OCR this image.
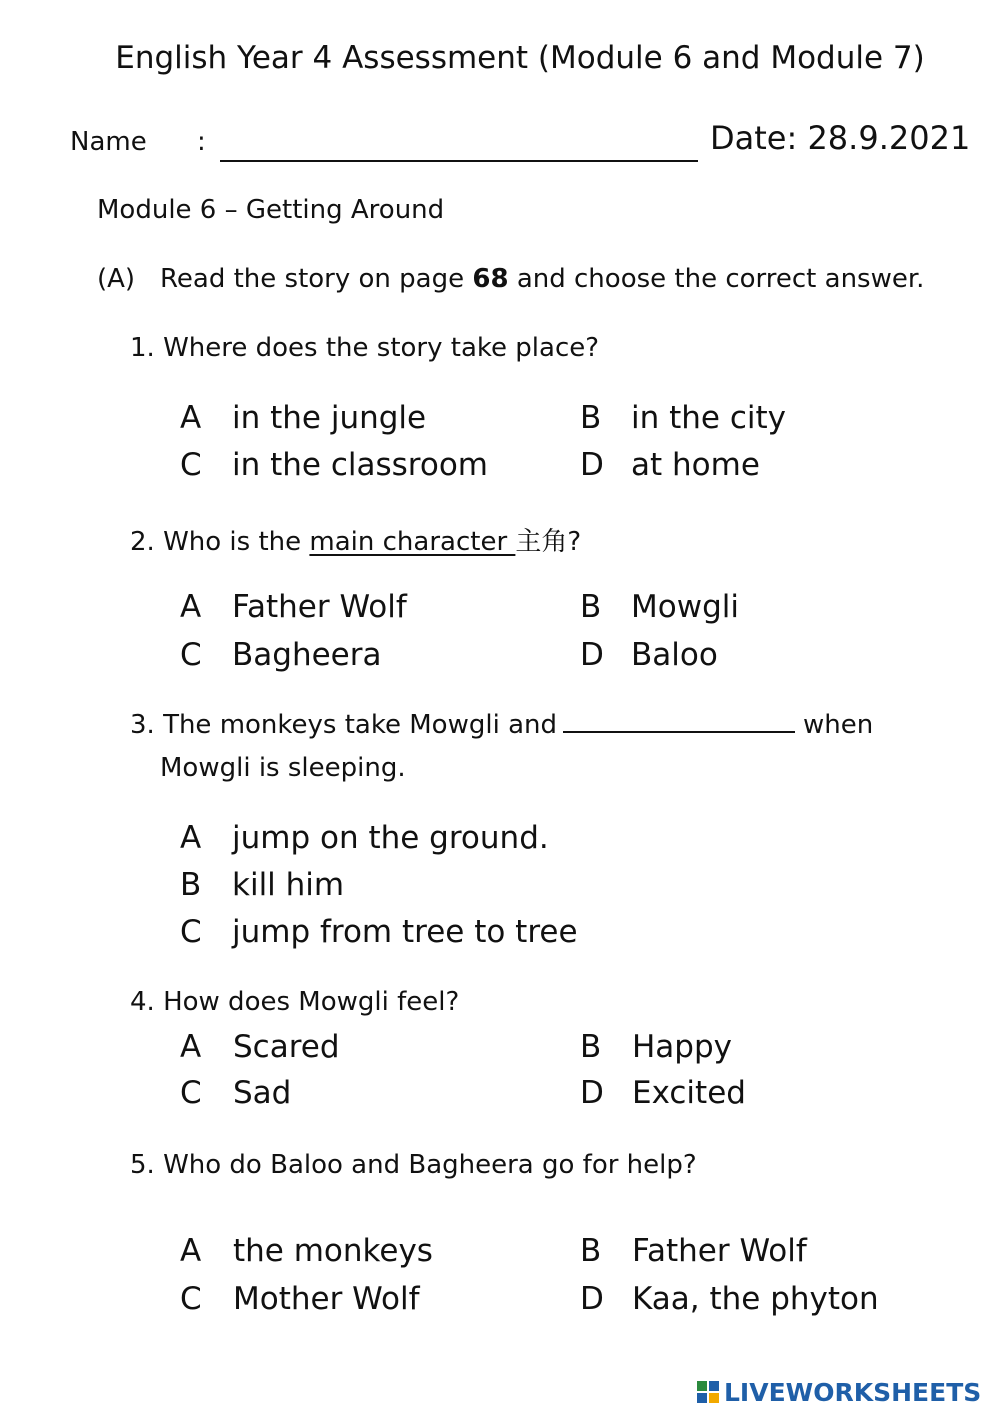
English Year 4 Assessment (Module 6 and Module 7)
Name :	Date: 28.9.2021
Module 6 – Getting Around
(A) Read the story on page 68 and choose the correct answer.
1. Where does the story take place?
A in the jungle	B in the city
C in the classroom	D at home
2. Who is the main character 主角?
A Father Wolf	B Mowgli
C Bagheera	D Baloo
3. The monkeys take Mowgli and	when
Mowgli is sleeping.
A jump on the ground.
B kill him
C jump from tree to tree
4. How does Mowgli feel?
A Scared	B Happy
C Sad	D Excited
5. Who do Baloo and Bagheera go for help?
A the monkeys	B Father Wolf
C Mother Wolf	D Kaa, the phyton
LIVEWORKSHEETS
